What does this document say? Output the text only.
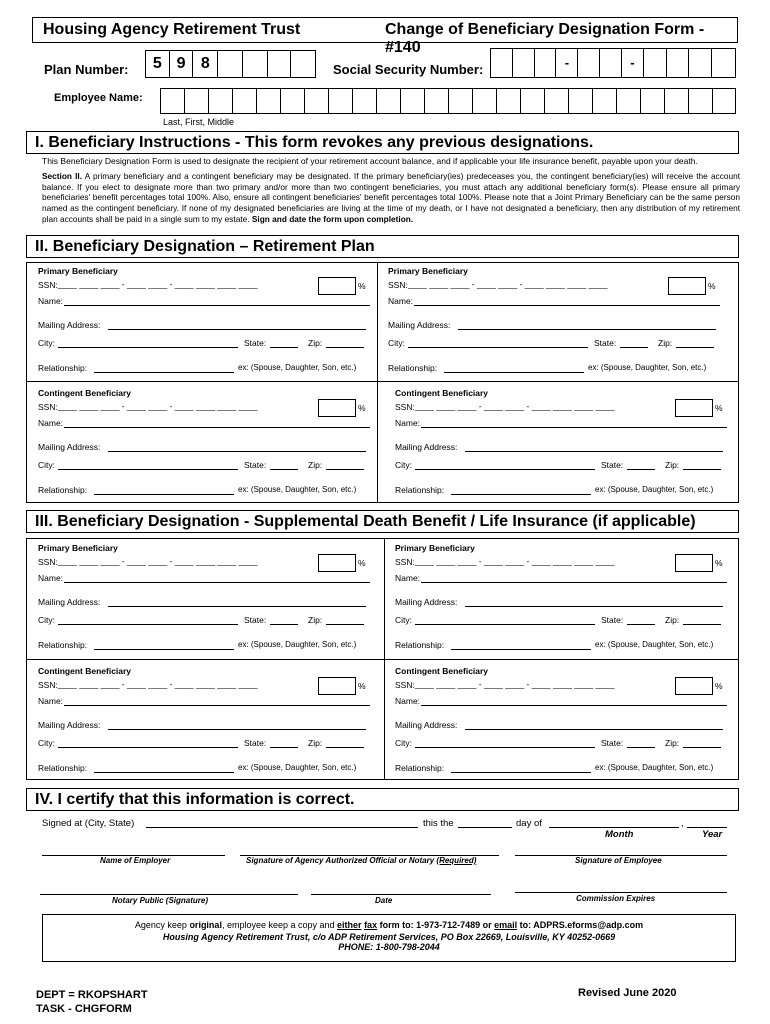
Housing Agency Retirement Trust	Change of Beneficiary Designation Form - #140
Plan Number:	5 9 8	Social Security Number:	-	-
Employee Name:
Last, First, Middle
I. Beneficiary Instructions - This form revokes any previous designations.
This Beneficiary Designation Form is used to designate the recipient of your retirement account balance, and if applicable your life insurance benefit, payable upon your death.
Section II. A primary beneficiary and a contingent beneficiary may be designated. If the primary beneficiary(ies) predeceases you, the contingent beneficiary(ies) will receive the account balance. If you elect to designate more than two primary and/or more than two contingent beneficiaries, you must attach any additional beneficiary form(s). Please ensure all primary beneficiaries' benefit percentages total 100%. Also, ensure all contingent beneficiaries' benefit percentages total 100%. Please note that a Joint Primary Beneficiary can be the same person named as the contingent beneficiary. If none of my designated beneficiaries are living at the time of my death, or I have not designated a beneficiary, then any distribution of my retirement plan accounts shall be paid in a single sum to my estate. Sign and date the form upon completion.
II. Beneficiary Designation – Retirement Plan
III. Beneficiary Designation - Supplemental Death Benefit / Life Insurance (if applicable)
Primary Beneficiary
SSN: ____ ____ ____ - ____ ____ - ____ ____ ____ ____	%
Name:
Mailing Address:
City:	State:	Zip:
Relationship:	ex: (Spouse, Daughter, Son, etc.)
Primary Beneficiary
SSN: ____ ____ ____ - ____ ____ - ____ ____ ____ ____	%
Name:
Mailing Address:
City:	State:	Zip:
Relationship:	ex: (Spouse, Daughter, Son, etc.)
Contingent Beneficiary
SSN: ____ ____ ____ - ____ ____ - ____ ____ ____ ____	%
Name:
Mailing Address:
City:	State:	Zip:
Relationship:	ex: (Spouse, Daughter, Son, etc.)
Contingent Beneficiary
SSN: ____ ____ ____ - ____ ____ - ____ ____ ____ ____	%
Name:
Mailing Address:
City:	State:	Zip:
Relationship:	ex: (Spouse, Daughter, Son, etc.)
Primary Beneficiary
SSN: ____ ____ ____ - ____ ____ - ____ ____ ____ ____	%
Name:
Mailing Address:
City:	State:	Zip:
Relationship:	ex: (Spouse, Daughter, Son, etc.)
Primary Beneficiary
SSN: ____ ____ ____ - ____ ____ - ____ ____ ____ ____	%
Name:
Mailing Address:
City:	State:	Zip:
Relationship:	ex: (Spouse, Daughter, Son, etc.)
Contingent Beneficiary
SSN: ____ ____ ____ - ____ ____ - ____ ____ ____ ____	%
Name:
Mailing Address:
City:	State:	Zip:
Relationship:	ex: (Spouse, Daughter, Son, etc.)
Contingent Beneficiary
SSN: ____ ____ ____ - ____ ____ - ____ ____ ____ ____	%
Name:
Mailing Address:
City:	State:	Zip:
Relationship:	ex: (Spouse, Daughter, Son, etc.)
IV. I certify that this information is correct.
Signed at (City, State)	this the	day of	,
Month	Year
Name of Employer	Signature of Agency Authorized Official or Notary (Required)	Signature of Employee
Notary Public (Signature)	Date	Commission Expires
Agency keep original, employee keep a copy and either fax form to: 1-973-712-7489 or email to: ADPRS.eforms@adp.com
Housing Agency Retirement Trust, c/o ADP Retirement Services, PO Box 22669, Louisville, KY 40252-0669
PHONE: 1-800-798-2044
DEPT = RKOPSHART
TASK - CHGFORM
Revised June 2020
